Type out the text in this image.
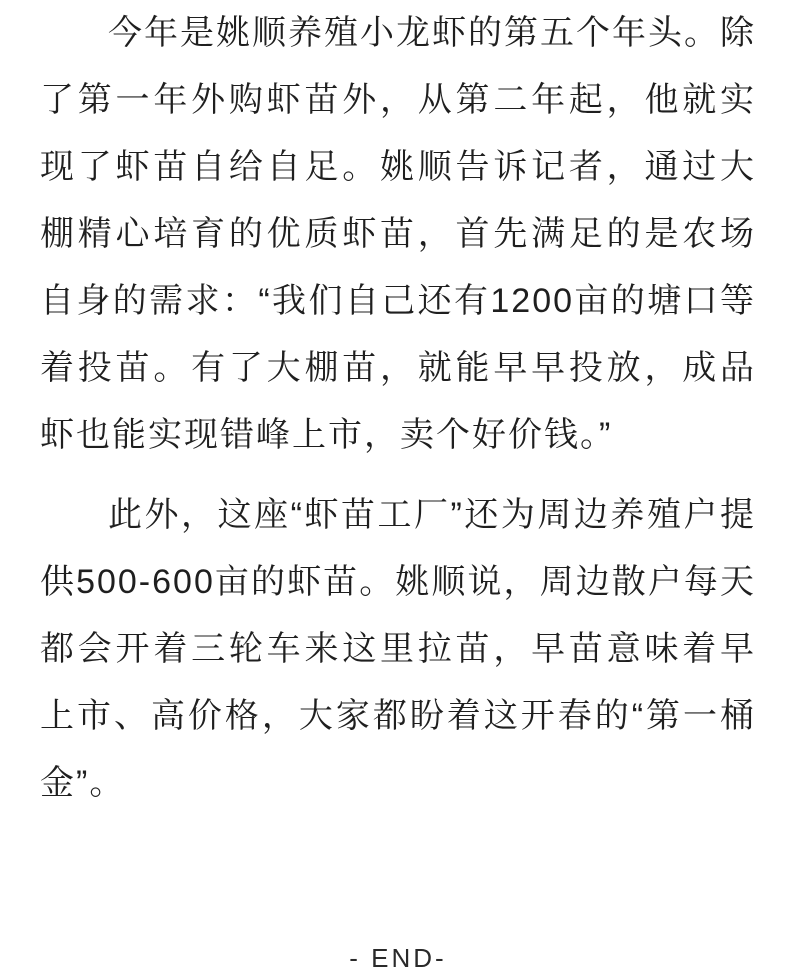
今年是姚顺养殖小龙虾的第五个年头。除了第一年外购虾苗外，从第二年起，他就实现了虾苗自给自足。姚顺告诉记者，通过大棚精心培育的优质虾苗，首先满足的是农场自身的需求：“我们自己还有1200亩的塘口等着投苗。有了大棚苗，就能早早投放，成品虾也能实现错峰上市，卖个好价钱。”

此外，这座“虾苗工厂”还为周边养殖户提供500-600亩的虾苗。姚顺说，周边散户每天都会开着三轮车来这里拉苗，早苗意味着早上市、高价格，大家都盼着这开春的“第一桶金”。

- END-
